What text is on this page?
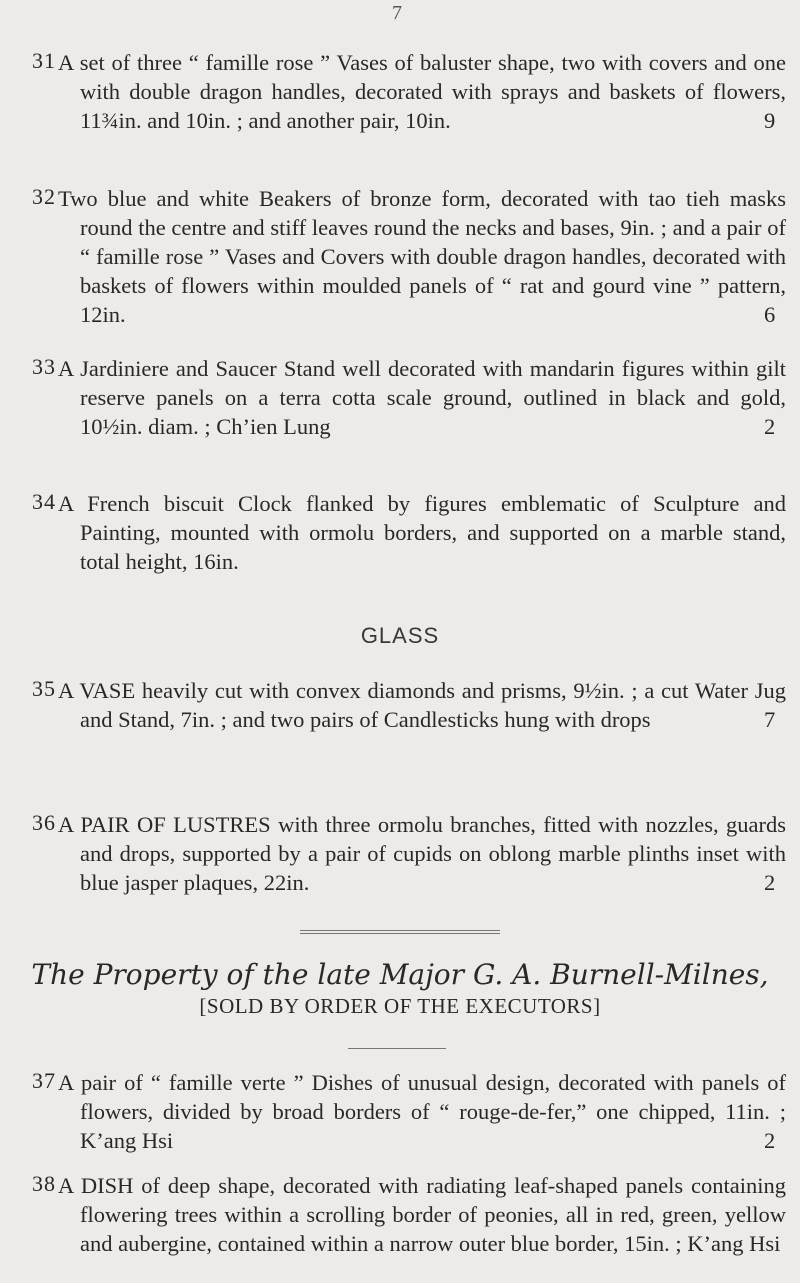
7
31 A set of three “ famille rose ” Vases of baluster shape, two with covers and one with double dragon handles, decorated with sprays and baskets of flowers, 11¾in. and 10in. ; and another pair, 10in.	9
32 Two blue and white Beakers of bronze form, decorated with tao tieh masks round the centre and stiff leaves round the necks and bases, 9in. ; and a pair of “ famille rose ” Vases and Covers with double dragon handles, decorated with baskets of flowers within moulded panels of “ rat and gourd vine ” pattern, 12in.	6
33 A Jardiniere and Saucer Stand well decorated with mandarin figures within gilt reserve panels on a terra cotta scale ground, outlined in black and gold, 10½in. diam. ; Ch’ien Lung	2
34 A French biscuit Clock flanked by figures emblematic of Sculpture and Painting, mounted with ormolu borders, and supported on a marble stand, total height, 16in.
GLASS
35 A VASE heavily cut with convex diamonds and prisms, 9½in. ; a cut Water Jug and Stand, 7in. ; and two pairs of Candlesticks hung with drops	7
36 A PAIR OF LUSTRES with three ormolu branches, fitted with nozzles, guards and drops, supported by a pair of cupids on oblong marble plinths inset with blue jasper plaques, 22in.	2
The Property of the late Major G. A. Burnell-Milnes,
[SOLD BY ORDER OF THE EXECUTORS]
37 A pair of “ famille verte ” Dishes of unusual design, decorated with panels of flowers, divided by broad borders of “ rouge-de-fer,” one chipped, 11in. ; K’ang Hsi	2
38 A DISH of deep shape, decorated with radiating leaf-shaped panels containing flowering trees within a scrolling border of peonies, all in red, green, yellow and aubergine, contained within a narrow outer blue border, 15in. ; K’ang Hsi
